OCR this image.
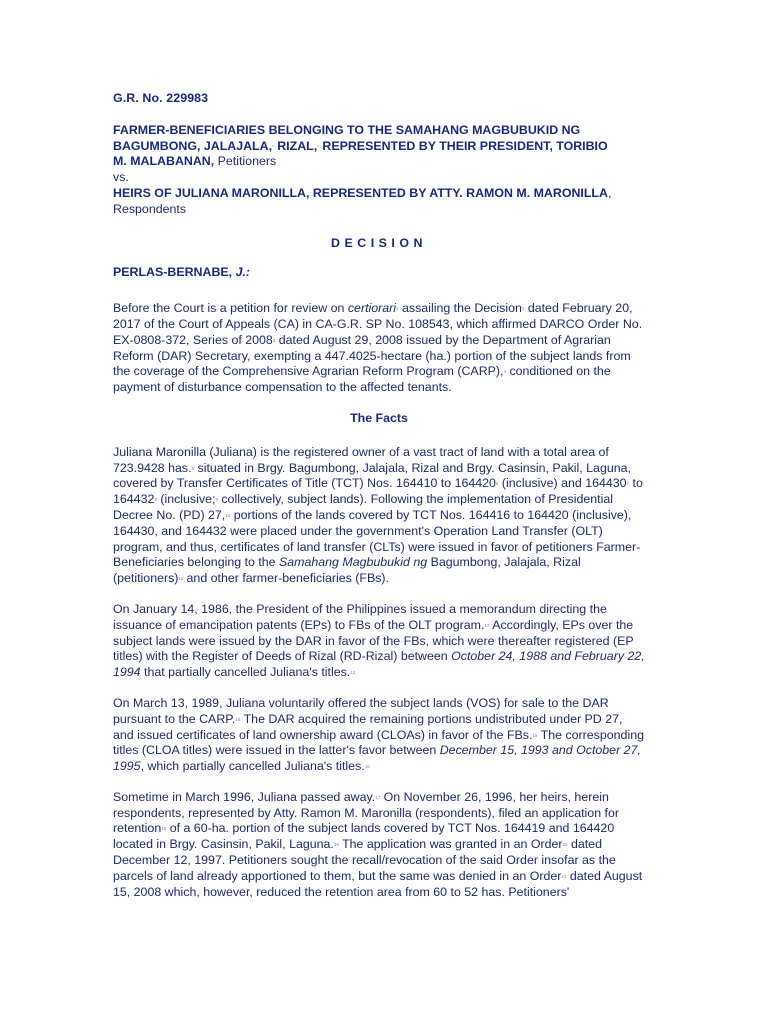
G.R. No. 229983
FARMER-BENEFICIARIES BELONGING TO THE SAMAHANG MAGBUBUKID NG
BAGUMBONG, JALAJALA,* RIZAL,* REPRESENTED BY THEIR PRESIDENT, TORIBIO
M. MALABANAN, Petitioners
vs.
HEIRS OF JULIANA MARONILLA, REPRESENTED BY ATTY. RAMON M. MARONILLA,
Respondents
DECISION
PERLAS-BERNABE, J.:

Before the Court is a petition for review on certiorari$^1$ assailing the Decision$^2$ dated February 20, 2017 of the Court of Appeals (CA) in CA-G.R. SP No. 108543, which affirmed DARCO Order No. EX-0808-372, Series of 2008$^3$ dated August 29, 2008 issued by the Department of Agrarian Reform (DAR) Secretary, exempting a 447.4025-hectare (ha.) portion of the subject lands from the coverage of the Comprehensive Agrarian Reform Program (CARP),$^4$ conditioned on the payment of disturbance compensation to the affected tenants.

The Facts

Juliana Maronilla (Juliana) is the registered owner of a vast tract of land with a total area of 723.9428 has.$^5$ situated in Brgy. Bagumbong, Jalajala, Rizal and Brgy. Casinsin, Pakil, Laguna, covered by Transfer Certificates of Title (TCT) Nos. 164410 to 164420$^6$ (inclusive) and 164430$^7$ to 164432$^8$ (inclusive;$^9$ collectively, subject lands). Following the implementation of Presidential Decree No. (PD) 27,10 portions of the lands covered by TCT Nos. 164416 to 164420 (inclusive), 164430, and 164432 were placed under the government's Operation Land Transfer (OLT) program, and thus, certificates of land transfer (CLTs) were issued in favor of petitioners Farmer-Beneficiaries belonging to the Samahang Magbubukid ng Bagumbong, Jalajala, Rizal (petitioners)$^{11}$ and other farmer-beneficiaries (FBs).

On January 14, 1986, the President of the Philippines issued a memorandum directing the issuance of emancipation patents (EPs) to FBs of the OLT program.$^{12}$ Accordingly, EPs over the subject lands were issued by the DAR in favor of the FBs, which were thereafter registered (EP titles) with the Register of Deeds of Rizal (RD-Rizal) between October 24, 1988 and February 22, 1994 that partially cancelled Juliana's titles.$^{13}$

On March 13, 1989, Juliana voluntarily offered the subject lands (VOS) for sale to the DAR pursuant to the CARP.$^{14}$ The DAR acquired the remaining portions undistributed under PD 27, and issued certificates of land ownership award (CLOAs) in favor of the FBs.$^{15}$ The corresponding titles (CLOA titles) were issued in the latter's favor between December 15, 1993 and October 27, 1995, which partially cancelled Juliana's titles.$^{16}$

Sometime in March 1996, Juliana passed away.$^{17}$ On November 26, 1996, her heirs, herein respondents, represented by Atty. Ramon M. Maronilla (respondents), filed an application for retention$^{18}$ of a 60-ha. portion of the subject lands covered by TCT Nos. 164419 and 164420 located in Brgy. Casinsin, Pakil, Laguna.$^{19}$ The application was granted in an Order$^{20}$ dated December 12, 1997. Petitioners sought the recall/revocation of the said Order insofar as the parcels of land already apportioned to them, but the same was denied in an Order$^{21}$ dated August 15, 2008 which, however, reduced the retention area from 60 to 52 has. Petitioners'
